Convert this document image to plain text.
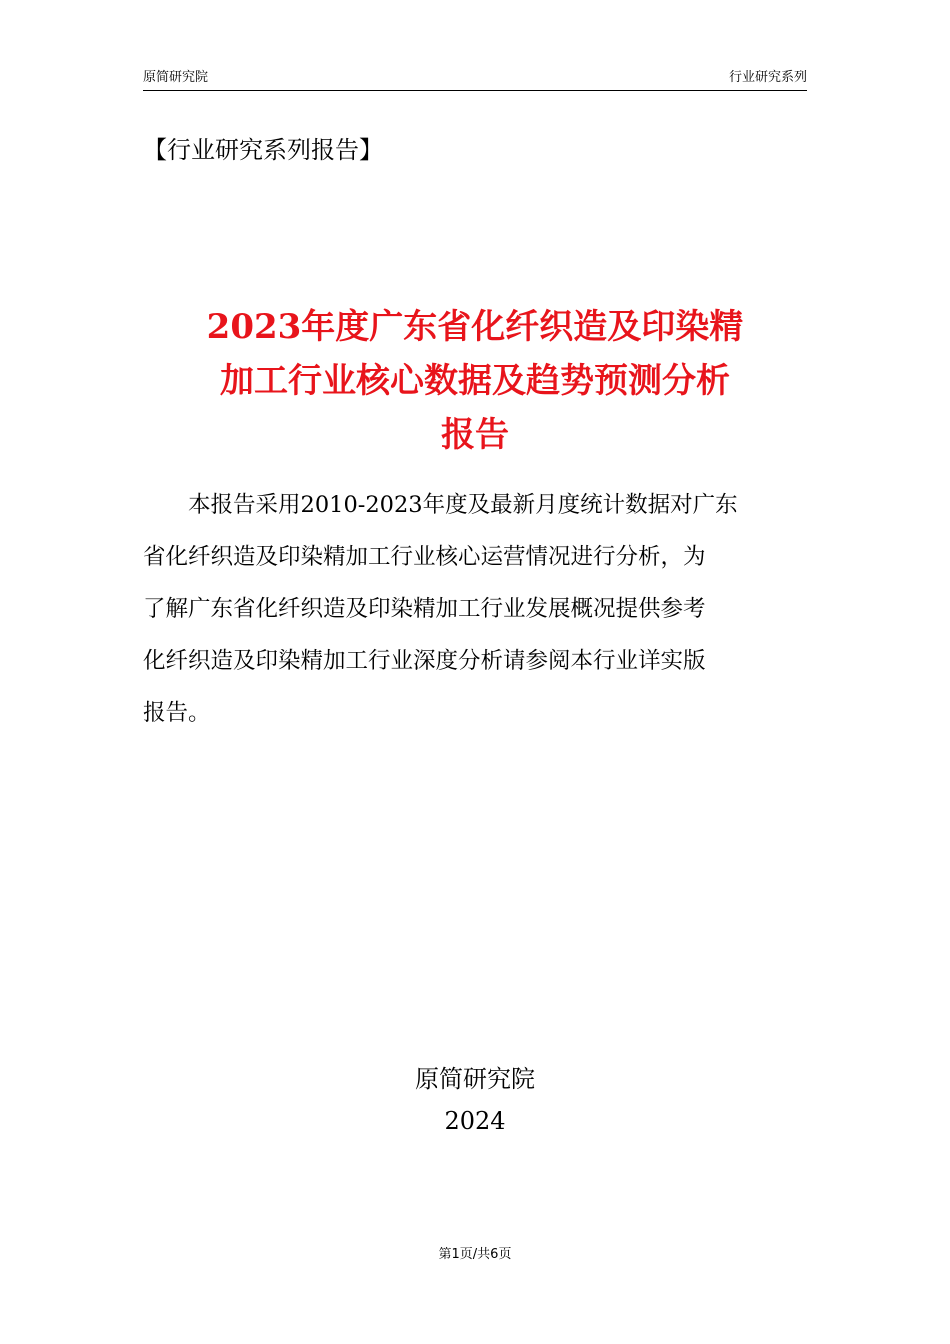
原简研究院	行业研究系列
【行业研究系列报告】
2023年度广东省化纤织造及印染精
加工行业核心数据及趋势预测分析
报告

本报告采用2010-2023年度及最新月度统计数据对广东
省化纤织造及印染精加工行业核心运营情况进行分析，为
了解广东省化纤织造及印染精加工行业发展概况提供参考
化纤织造及印染精加工行业深度分析请参阅本行业详实版
报告。

原简研究院
2024
第1页/共6页
